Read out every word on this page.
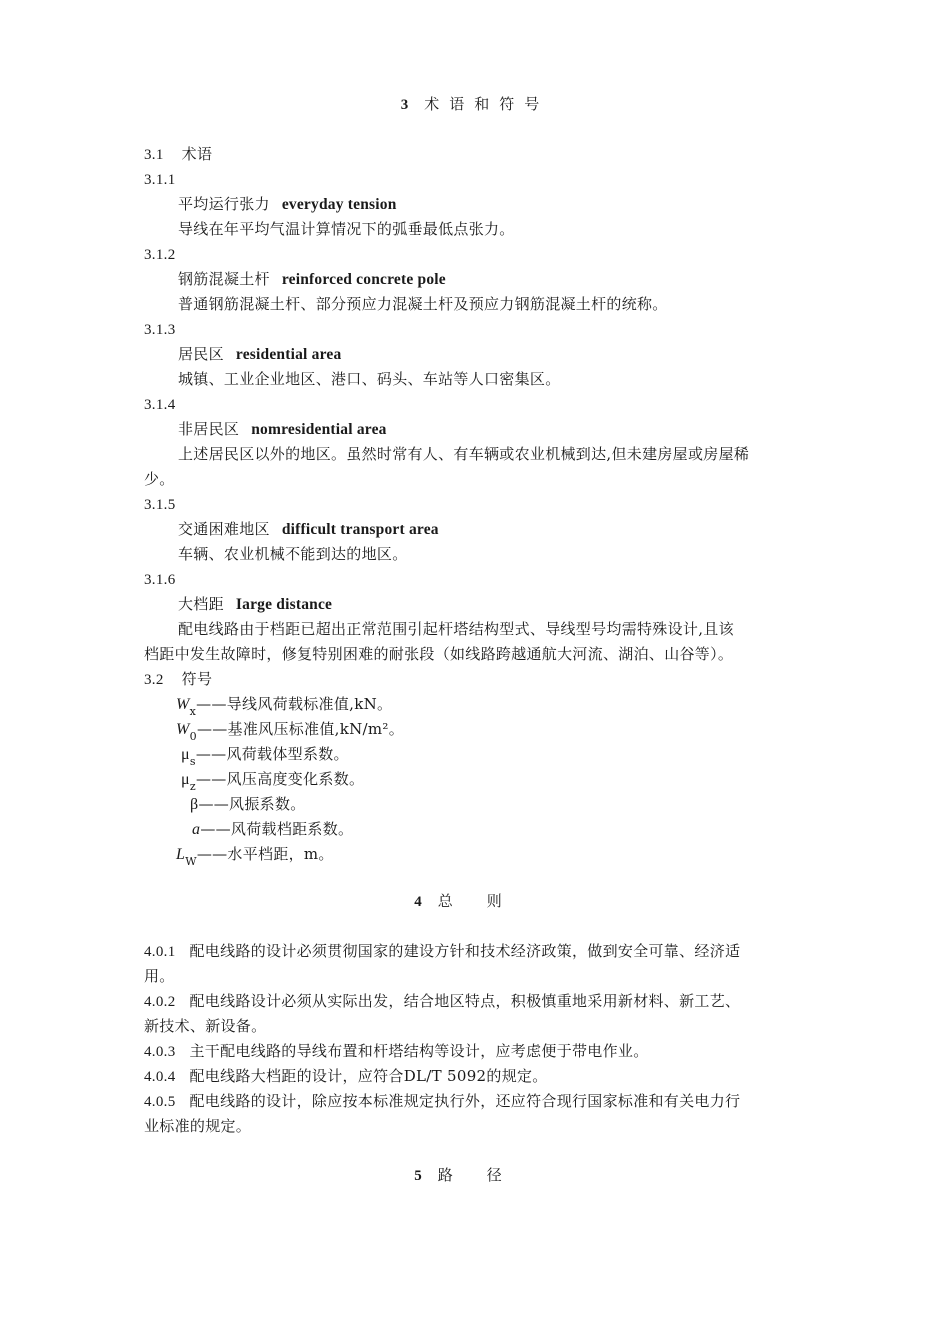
3 术语和符号
3.1 术语
3.1.1
平均运行张力 everyday tension
导线在年平均气温计算情况下的弧垂最低点张力。
3.1.2
钢筋混凝土杆 reinforced concrete pole
普通钢筋混凝土杆、部分预应力混凝土杆及预应力钢筋混凝土杆的统称。
3.1.3
居民区 residential area
城镇、工业企业地区、港口、码头、车站等人口密集区。
3.1.4
非居民区 nomresidential area
上述居民区以外的地区。虽然时常有人、有车辆或农业机械到达,但未建房屋或房屋稀
少。
3.1.5
交通困难地区 difficult transport area
车辆、农业机械不能到达的地区。
3.1.6
大档距 Iarge distance
配电线路由于档距已超出正常范围引起杆塔结构型式、导线型号均需特殊设计,且该
档距中发生故障时，修复特别困难的耐张段（如线路跨越通航大河流、湖泊、山谷等）。
3.2 符号
$W_x——$导线风荷载标准值,kN。
$W_0——$基准风压标准值,kN/m²。
$\mu_s——$风荷载体型系数。
$\mu_z——$风压高度变化系数。
β——风振系数。
a——风荷载档距系数。
$L_W——$水平档距，m。
4 总则
4.0.1 配电线路的设计必须贯彻国家的建设方针和技术经济政策，做到安全可靠、经济适
用。
4.0.2 配电线路设计必须从实际出发，结合地区特点，积极慎重地采用新材料、新工艺、
新技术、新设备。
4.0.3 主干配电线路的导线布置和杆塔结构等设计，应考虑便于带电作业。
4.0.4 配电线路大档距的设计，应符合DL/T 5092的规定。
4.0.5 配电线路的设计，除应按本标准规定执行外，还应符合现行国家标准和有关电力行
业标准的规定。
5 路径
